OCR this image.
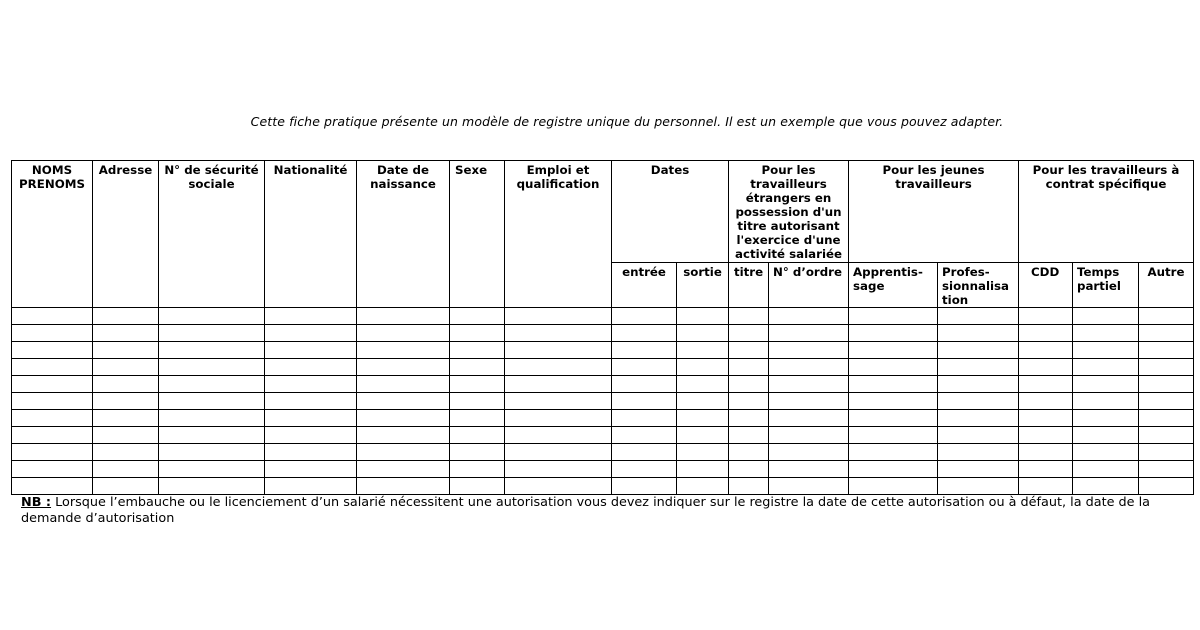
Cette fiche pratique présente un modèle de registre unique du personnel. Il est un exemple que vous pouvez adapter.
NOMS PRENOMS	Adresse	N° de sécurité sociale	Nationalité	Date de naissance	Sexe	Emploi et qualification	Dates		Pour les travailleurs étrangers en possession d'un titre autorisant l'exercice d'une activité salariée		Pour les jeunes travailleurs		Pour les travailleurs à contrat spécifique		
							entrée	sortie	titre	N° d’ordre	Apprentis-sage	Profes-sionnalisa tion	CDD	Temps partiel	Autre

NB : Lorsque l’embauche ou le licenciement d’un salarié nécessitent une autorisation vous devez indiquer sur le registre la date de cette autorisation ou à défaut, la date de la demande d’autorisation
